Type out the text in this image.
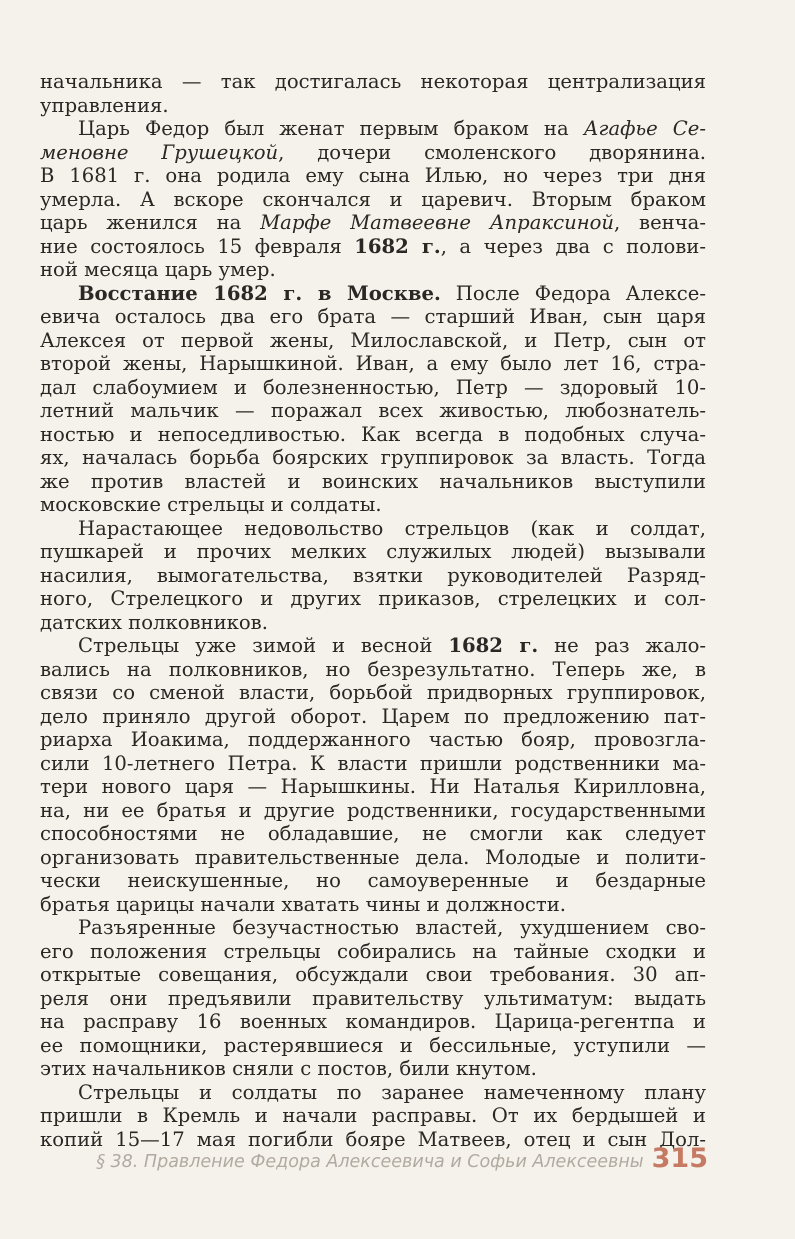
начальника — так достигалась некоторая централизация
управления.
Царь Федор был женат первым браком на Агафье Се-
меновне Грушецкой, дочери смоленского дворянина.
В 1681 г. она родила ему сына Илью, но через три дня
умерла. А вскоре скончался и царевич. Вторым браком
царь женился на Марфе Матвеевне Апраксиной, венча-
ние состоялось 15 февраля 1682 г., а через два с полови-
ной месяца царь умер.
Восстание 1682 г. в Москве. После Федора Алексе-
евича осталось два его брата — старший Иван, сын царя
Алексея от первой жены, Милославской, и Петр, сын от
второй жены, Нарышкиной. Иван, а ему было лет 16, стра-
дал слабоумием и болезненностью, Петр — здоровый 10-
летний мальчик — поражал всех живостью, любознатель-
ностью и непоседливостью. Как всегда в подобных случа-
ях, началась борьба боярских группировок за власть. Тогда
же против властей и воинских начальников выступили
московские стрельцы и солдаты.
Нарастающее недовольство стрельцов (как и солдат,
пушкарей и прочих мелких служилых людей) вызывали
насилия, вымогательства, взятки руководителей Разряд-
ного, Стрелецкого и других приказов, стрелецких и сол-
датских полковников.
Стрельцы уже зимой и весной 1682 г. не раз жало-
вались на полковников, но безрезультатно. Теперь же, в
связи со сменой власти, борьбой придворных группировок,
дело приняло другой оборот. Царем по предложению пат-
риарха Иоакима, поддержанного частью бояр, провозгла-
сили 10-летнего Петра. К власти пришли родственники ма-
тери нового царя — Нарышкины. Ни Наталья Кирилловна,
на, ни ее братья и другие родственники, государственными
способностями не обладавшие, не смогли как следует
организовать правительственные дела. Молодые и полити-
чески неискушенные, но самоуверенные и бездарные
братья царицы начали хватать чины и должности.
Разъяренные безучастностью властей, ухудшением сво-
его положения стрельцы собирались на тайные сходки и
открытые совещания, обсуждали свои требования. 30 ап-
реля они предъявили правительству ультиматум: выдать
на расправу 16 военных командиров. Царица-регентпа и
ее помощники, растерявшиеся и бессильные, уступили —
этих начальников сняли с постов, били кнутом.
Стрельцы и солдаты по заранее намеченному плану
пришли в Кремль и начали расправы. От их бердышей и
копий 15—17 мая погибли бояре Матвеев, отец и сын Дол-
§ 38. Правление Федора Алексеевича и Софьи Алексеевны 315
